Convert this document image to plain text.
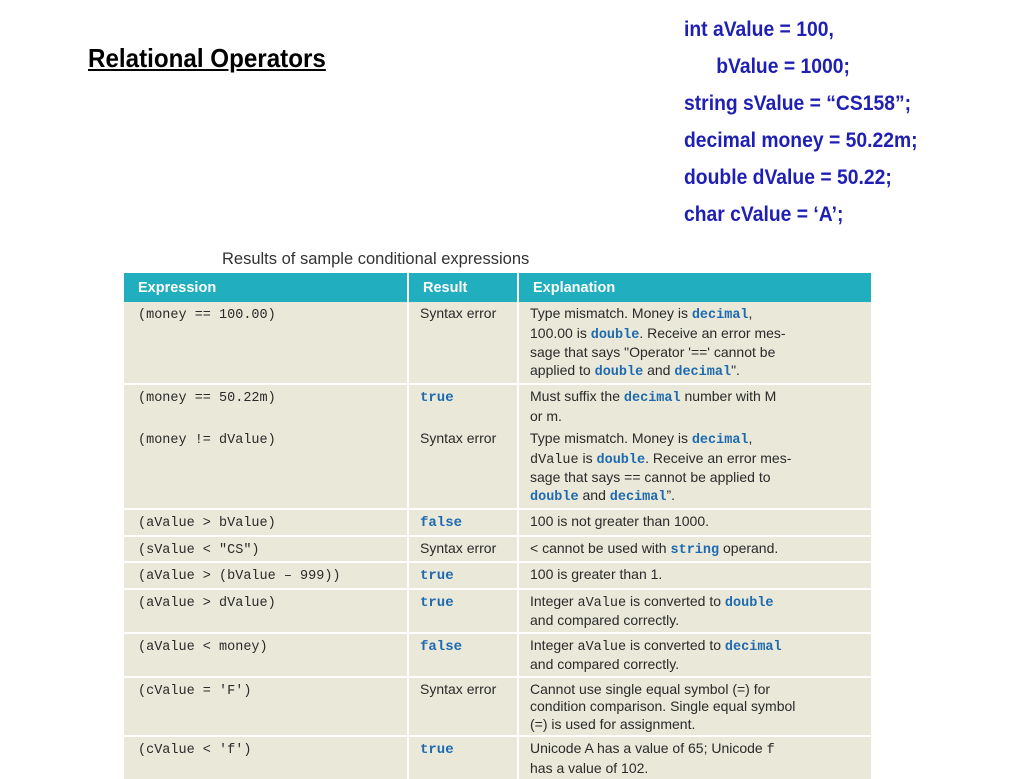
Relational Operators
int aValue = 100,
bValue = 1000;
string sValue = “CS158”;
decimal money = 50.22m;
double dValue = 50.22;
char cValue = ‘A’;
Results of sample conditional expressions
Expression	Result	Explanation
(money == 100.00)	Syntax error	Type mismatch. Money is decimal,
100.00 is double. Receive an error mes-
sage that says "Operator '==' cannot be
applied to double and decimal".
(money == 50.22m)	true	Must suffix the decimal number with M
or m.
(money != dValue)	Syntax error	Type mismatch. Money is decimal,
dValue is double. Receive an error mes-
sage that says == cannot be applied to
double and decimal”.
(aValue > bValue)	false	100 is not greater than 1000.
(sValue < "CS")	Syntax error	< cannot be used with string operand.
(aValue > (bValue – 999))	true	100 is greater than 1.
(aValue > dValue)	true	Integer aValue is converted to double
and compared correctly.
(aValue < money)	false	Integer aValue is converted to decimal
and compared correctly.
(cValue = 'F')	Syntax error	Cannot use single equal symbol (=) for
condition comparison. Single equal symbol
(=) is used for assignment.
(cValue < 'f')	true	Unicode A has a value of 65; Unicode f
has a value of 102.
